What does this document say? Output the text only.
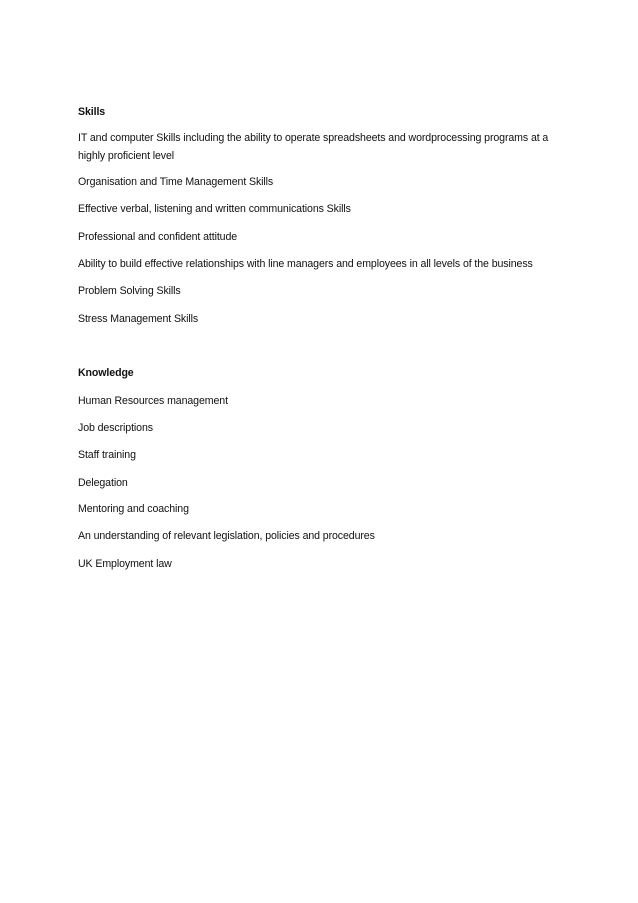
Skills
IT and computer Skills including the ability to operate spreadsheets and wordprocessing programs at a highly proficient level
Organisation and Time Management Skills
Effective verbal, listening and written communications Skills
Professional and confident attitude
Ability to build effective relationships with line managers and employees in all levels of the business
Problem Solving Skills
Stress Management Skills
Knowledge
Human Resources management
Job descriptions
Staff training
Delegation
Mentoring and coaching
An understanding of relevant legislation, policies and procedures
UK Employment law
